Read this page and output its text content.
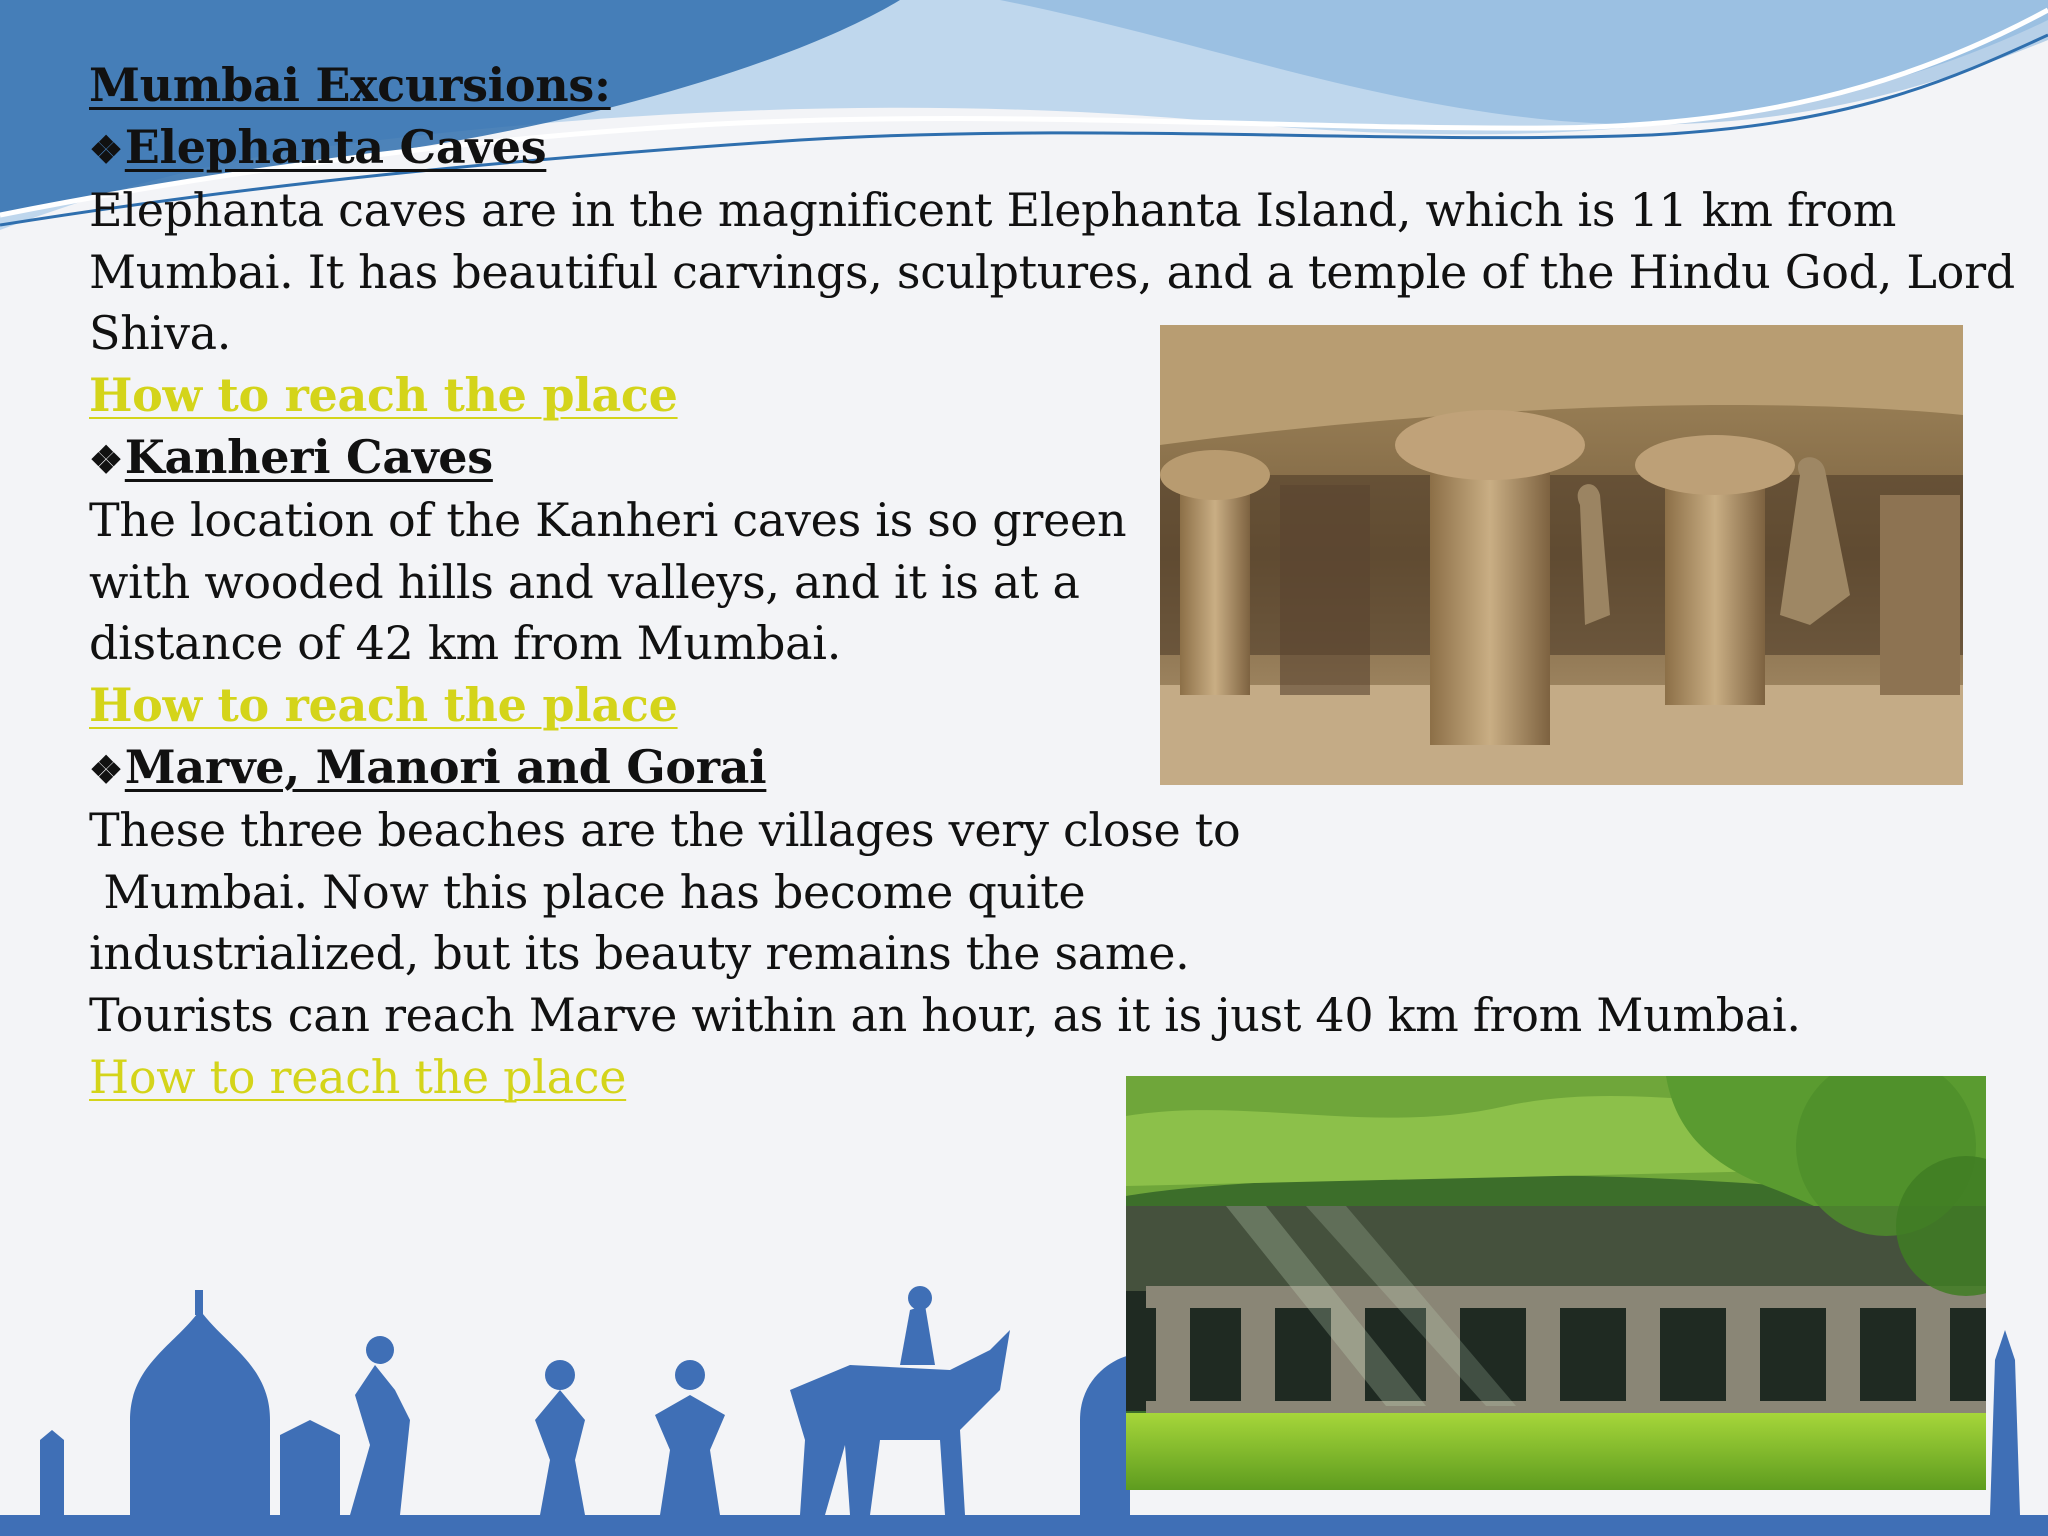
Mumbai Excursions:
❖Elephanta Caves
Elephanta caves are in the magnificent Elephanta Island, which is 11 km from
Mumbai. It has beautiful carvings, sculptures, and a temple of the Hindu God, Lord
Shiva.
How to reach the place
❖Kanheri Caves
The location of the Kanheri caves is so green
with wooded hills and valleys, and it is at a
distance of 42 km from Mumbai.
How to reach the place
❖Marve, Manori and Gorai
These three beaches are the villages very close to
Mumbai. Now this place has become quite
industrialized, but its beauty remains the same.
Tourists can reach Marve within an hour, as it is just 40 km from Mumbai.
How to reach the place
